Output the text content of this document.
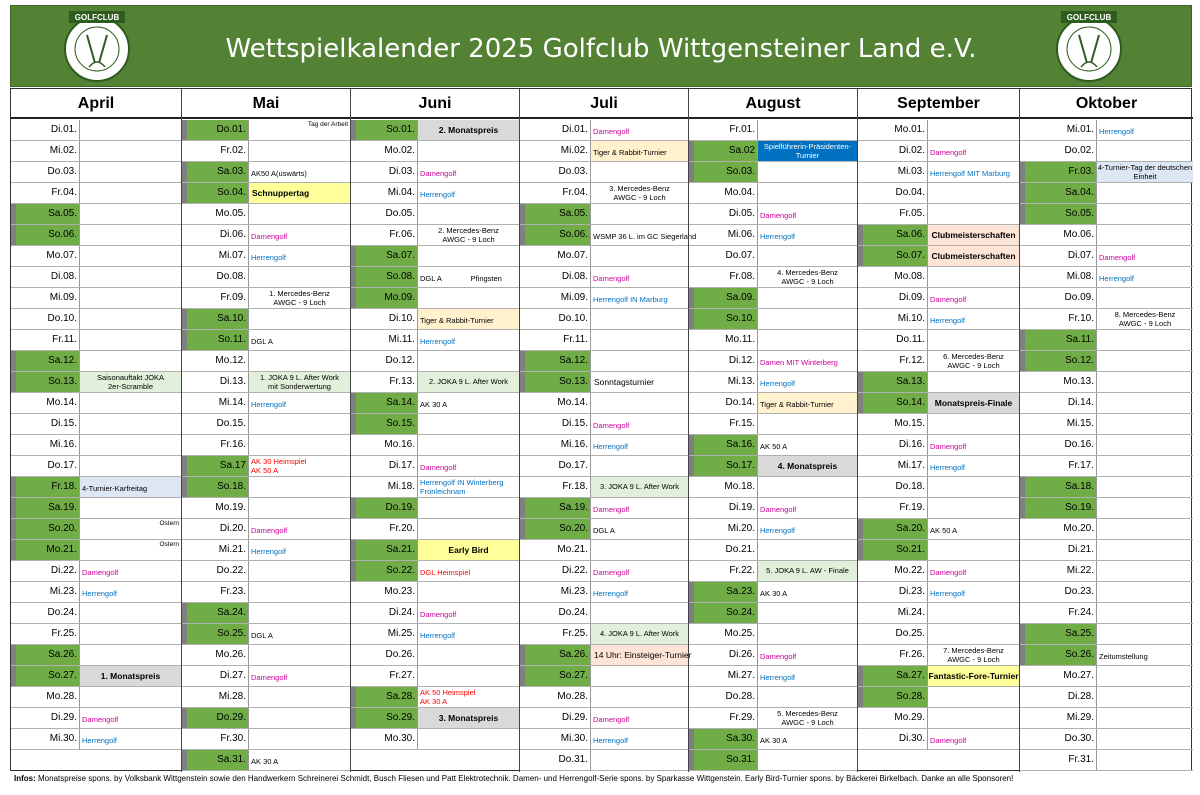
GOLFCLUB
Wettspielkalender 2025 Golfclub Wittgensteiner Land e.V.
GOLFCLUB
April
Di.01.
Mi.02.
Do.03.
Fr.04.
Sa.05.
So.06.
Mo.07.
Di.08.
Mi.09.
Do.10.
Fr.11.
Sa.12.
So.13.	Saisonauftakt JOKA
2er-Scramble
Mo.14.
Di.15.
Mi.16.
Do.17.
Fr.18. 4-Turnier-Karfreitag
Sa.19.
So.20.	Ostern
Mo.21.	Ostern
Di.22. Damengolf
Mi.23. Herrengolf
Do.24.
Fr.25.
Sa.26.
So.27.	1. Monatspreis
Mo.28.
Di.29. Damengolf
Mi.30. Herrengolf
Mai
Do.01.	Tag der Arbeit
Fr.02.
Sa.03. AK50 A(uswärts)
So.04. Schnuppertag
Mo.05.
Di.06. Damengolf
Mi.07. Herrengolf
Do.08.
Fr.09.	1. Mercedes-Benz
AWGC - 9 Loch
Sa.10.
So.11. DGL A
Mo.12.
Di.13.	1. JOKA 9 L. After Work
mit Sonderwertung
Mi.14. Herrengolf
Do.15.
Fr.16.
Sa.17 AK 30 Heimspiel
AK 50 A
So.18.
Mo.19.
Di.20. Damengolf
Mi.21. Herrengolf
Do.22.
Fr.23.
Sa.24.
So.25. DGL A
Mo.26.
Di.27. Damengolf
Mi.28.
Do.29.
Fr.30.
Sa.31. AK 30 A
Juni
So.01.	2. Monatspreis
Mo.02.
Di.03. Damengolf
Mi.04. Herrengolf
Do.05.
Fr.06.	2. Mercedes-Benz
AWGC - 9 Loch
Sa.07.
So.08. DGL A              Pfingsten
Mo.09.
Di.10. Tiger & Rabbit-Turnier
Mi.11. Herrengolf
Do.12.
Fr.13.	2. JOKA 9 L. After Work
Sa.14. AK 30 A
So.15.
Mo.16.
Di.17. Damengolf
Mi.18. Herrengolf IN Winterberg
Fronleichnam
Do.19.
Fr.20.
Sa.21.	Early Bird
So.22. DGL Heimspiel
Mo.23.
Di.24. Damengolf
Mi.25. Herrengolf
Do.26.
Fr.27.
Sa.28. AK 50 Heimspiel
AK 30 A
So.29.	3. Monatspreis
Mo.30.
Juli
Di.01. Damengolf
Mi.02. Tiger & Rabbit-Turnier
Do.03.
Fr.04.	3. Mercedes-Benz
AWGC - 9 Loch
Sa.05.
So.06. WSMP 36 L. im GC Siegerland
Mo.07.
Di.08. Damengolf
Mi.09. Herrengolf IN Marburg
Do.10.
Fr.11.
Sa.12.
So.13. Sonntagsturnier
Mo.14.
Di.15. Damengolf
Mi.16. Herrengolf
Do.17.
Fr.18.	3. JOKA 9 L. After Work
Sa.19. Damengolf
So.20. DGL A
Mo.21.
Di.22. Damengolf
Mi.23. Herrengolf
Do.24.
Fr.25.	4. JOKA 9 L. After Work
Sa.26. 14 Uhr: Einsteiger-Turnier
So.27.
Mo.28.
Di.29. Damengolf
Mi.30. Herrengolf
Do.31.
August
Fr.01.
Sa.02	Spielführerin-Präsidenten-
Turnier
So.03.
Mo.04.
Di.05. Damengolf
Mi.06. Herrengolf
Do.07.
Fr.08.	4. Mercedes-Benz
AWGC - 9 Loch
Sa.09.
So.10.
Mo.11.
Di.12. Damen MIT Winterberg
Mi.13. Herrengolf
Do.14. Tiger & Rabbit-Turnier
Fr.15.
Sa.16. AK 50 A
So.17.	4. Monatspreis
Mo.18.
Di.19. Damengolf
Mi.20. Herrengolf
Do.21.
Fr.22.	5. JOKA 9 L. AW - Finale
Sa.23. AK 30 A
So.24.
Mo.25.
Di.26. Damengolf
Mi.27. Herrengolf
Do.28.
Fr.29.	5. Mercedes-Benz
AWGC - 9 Loch
Sa.30. AK 30 A
So.31.
September
Mo.01.
Di.02. Damengolf
Mi.03. Herrengolf MIT Marburg
Do.04.
Fr.05.
Sa.06. Clubmeisterschaften
So.07. Clubmeisterschaften
Mo.08.
Di.09. Damengolf
Mi.10. Herrengolf
Do.11.
Fr.12.	6. Mercedes-Benz
AWGC - 9 Loch
Sa.13.
So.14.	Monatspreis-Finale
Mo.15.
Di.16. Damengolf
Mi.17. Herrengolf
Do.18.
Fr.19.
Sa.20. AK 50 A
So.21.
Mo.22. Damengolf
Di.23. Herrengolf
Mi.24.
Do.25.
Fr.26.	7. Mercedes-Benz
AWGC - 9 Loch
Sa.27. Fantastic-Fore-Turnier
So.28.
Mo.29.
Di.30. Damengolf
Oktober
Mi.01. Herrengolf
Do.02.
Fr.03. 4-Turnier-Tag der deutschen
Einheit
Sa.04.
So.05.
Mo.06.
Di.07. Damengolf
Mi.08. Herrengolf
Do.09.
Fr.10.	8. Mercedes-Benz
AWGC - 9 Loch
Sa.11.
So.12.
Mo.13.
Di.14.
Mi.15.
Do.16.
Fr.17.
Sa.18.
So.19.
Mo.20.
Di.21.
Mi.22.
Do.23.
Fr.24.
Sa.25.
So.26. Zeitumstellung
Mo.27.
Di.28.
Mi.29.
Do.30.
Fr.31.
Infos: Monatspreise spons. by Volksbank Wittgenstein sowie den Handwerkern Schreinerei Schmidt, Busch Fliesen und Patt Elektrotechnik. Damen- und Herrengolf-Serie spons. by Sparkasse Wittgenstein. Early Bird-Turnier spons. by Bäckerei Birkelbach. Danke an alle Sponsoren!
